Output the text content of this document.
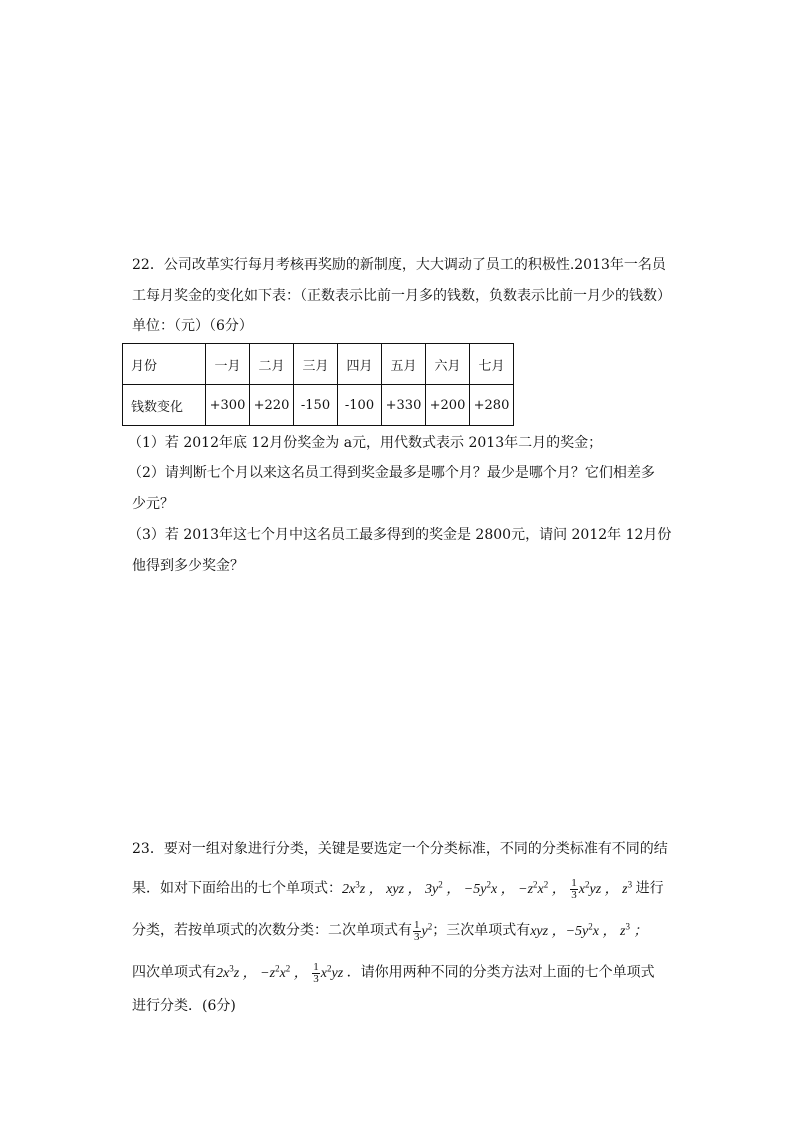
22．公司改革实行每月考核再奖励的新制度，大大调动了员工的积极性.2013年一名员
工每月奖金的变化如下表：（正数表示比前一月多的钱数，负数表示比前一月少的钱数）
单位：（元）（6分）
月份	一月	二月	三月	四月	五月	六月	七月
钱数变化	+300	+220	-150	-100	+330	+200	+280
（1）若 2012年底 12月份奖金为 a元，用代数式表示 2013年二月的奖金；
（2）请判断七个月以来这名员工得到奖金最多是哪个月？最少是哪个月？它们相差多
少元？
（3）若 2013年这七个月中这名员工最多得到的奖金是 2800元，请问 2012年 12月份
他得到多少奖金？
23．要对一组对象进行分类，关键是要选定一个分类标准，不同的分类标准有不同的结
果．如对下面给出的七个单项式：$2x^3z$ ， xyz ， $3y^2$ ， $-5y^2x$ ， $-z^2x^2$ ， $\frac{1}{3} x^2yz$ ， $z^3$ 进行
分类，若按单项式的次数分类：二次单项式有 $\frac{1}{3} y^2$；三次单项式有xyz ，$-5y^2x$ ， $z^3$ ；
四次单项式有$2x^3z$ ， $-z^2x^2$ ， $\frac{1}{3} x^2yz$ ．请你用两种不同的分类方法对上面的七个单项式
进行分类．(6分)
